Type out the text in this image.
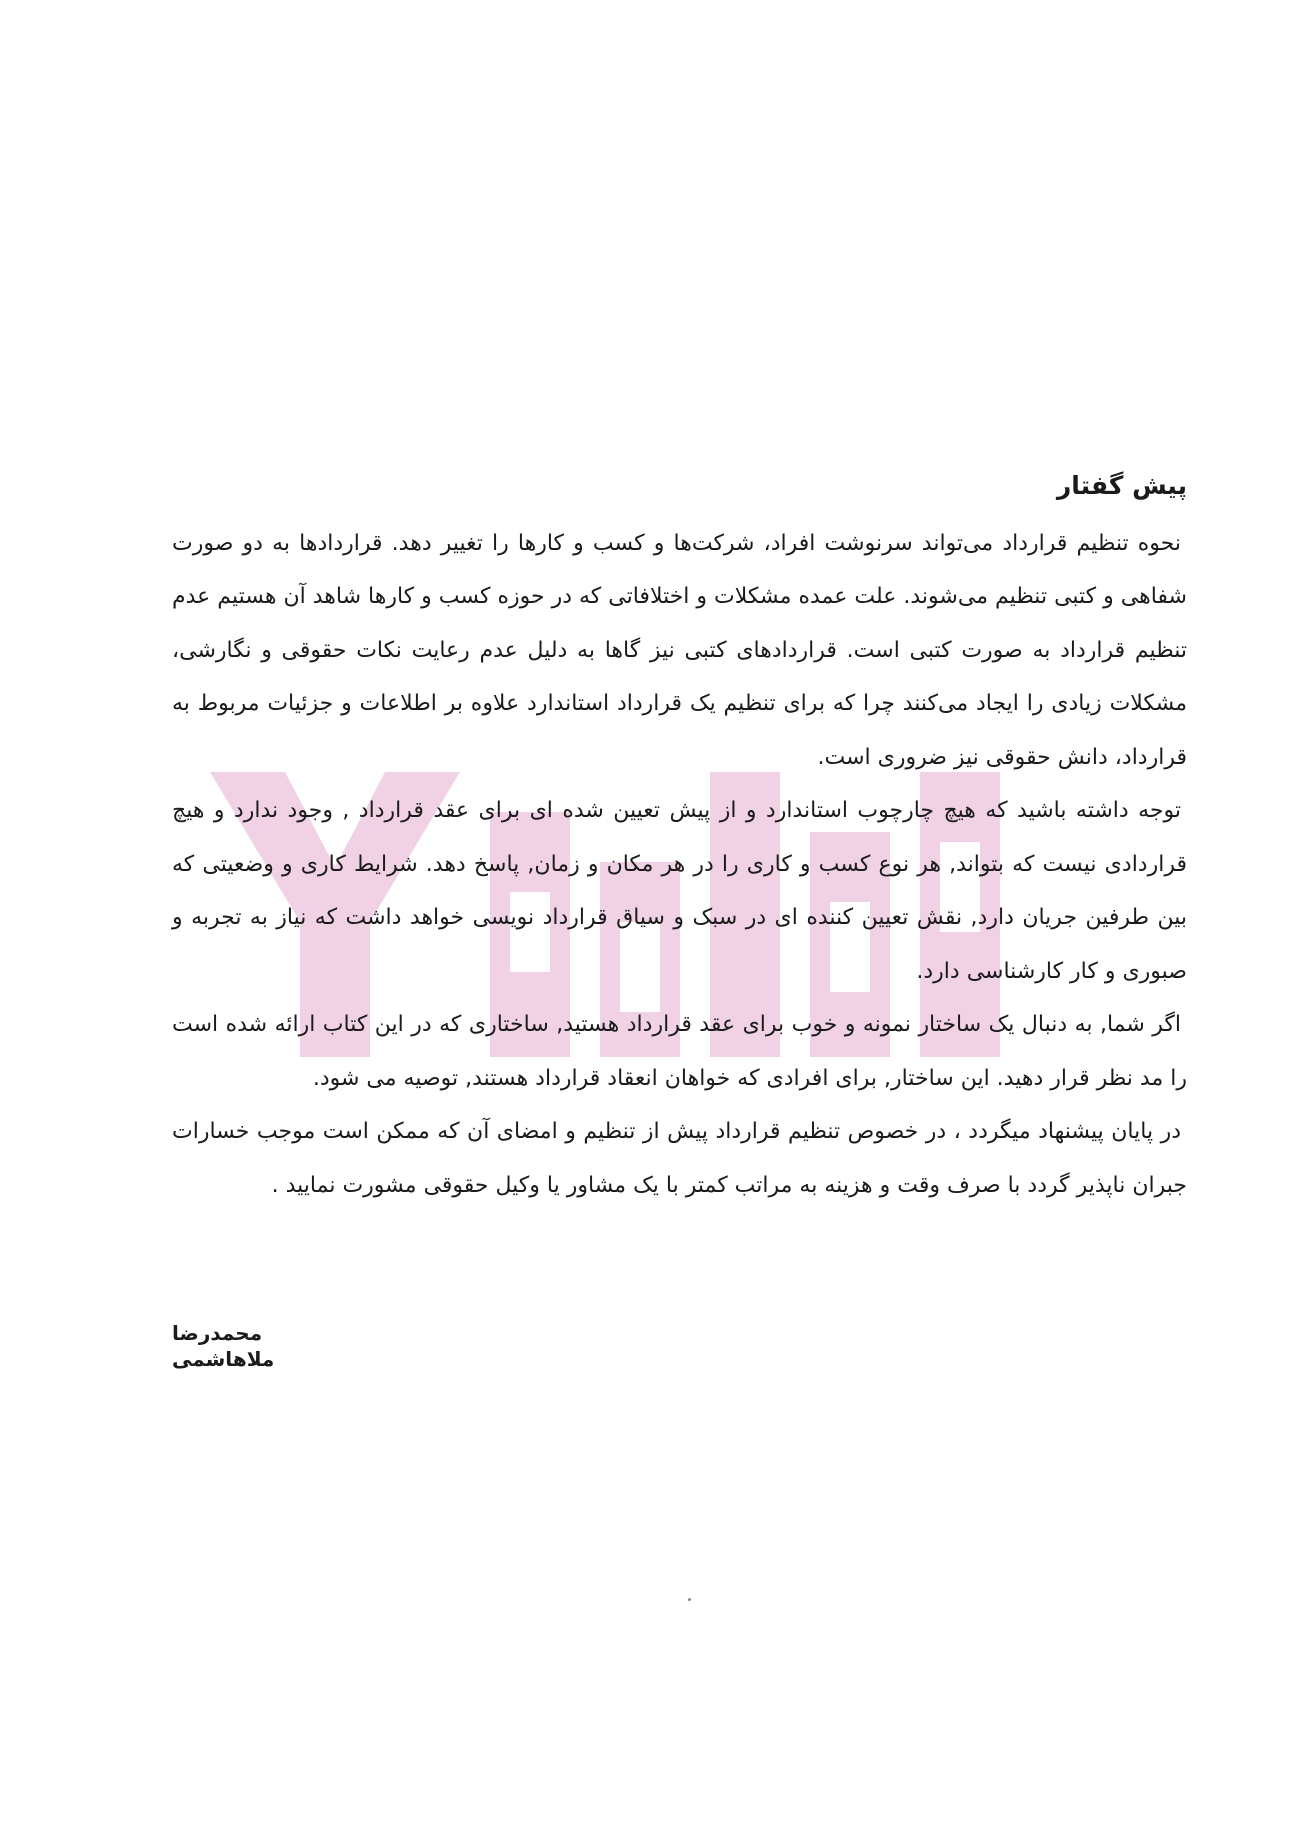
پیش گفتار

نحوه تنظیم قرارداد می‌تواند سرنوشت افراد، شرکت‌ها و کسب و کارها را تغییر دهد. قراردادها به دو صورت شفاهی و کتبی تنظیم می‌شوند. علت عمده مشکلات و اختلافاتی که در حوزه کسب و کارها شاهد آن هستیم عدم تنظیم قرارداد به صورت کتبی است. قراردادهای کتبی نیز گاها به دلیل عدم رعایت نکات حقوقی و نگارشی، مشکلات زیادی را ایجاد می‌کنند چرا که برای تنظیم یک قرارداد استاندارد علاوه بر اطلاعات و جزئیات مربوط به قرارداد، دانش حقوقی نیز ضروری است.

توجه داشته باشید که هیچ چارچوب استاندارد و از پیش تعیین شده ای برای عقد قرارداد , وجود ندارد و هیچ قراردادی نیست که بتواند, هر نوع کسب و کاری را در هر مکان و زمان, پاسخ دهد. شرایط کاری و وضعیتی که بین طرفین جریان دارد, نقش تعیین کننده ای در سبک و سیاق قرارداد نویسی خواهد داشت که نیاز به تجربه و صبوری و کار کارشناسی دارد.

اگر شما, به دنبال یک ساختار نمونه و خوب برای عقد قرارداد هستید, ساختاری که در این کتاب ارائه شده است را مد نظر قرار دهید. این ساختار, برای افرادی که خواهان انعقاد قرارداد هستند, توصیه می شود.

در پایان پیشنهاد میگردد ، در خصوص تنظیم قرارداد پیش از تنظیم و امضای آن که ممکن است موجب خسارات جبران ناپذیر گردد با صرف وقت و هزینه به مراتب کمتر با یک مشاور یا وکیل حقوقی مشورت نمایید .

محمدرضا ملاهاشمی
